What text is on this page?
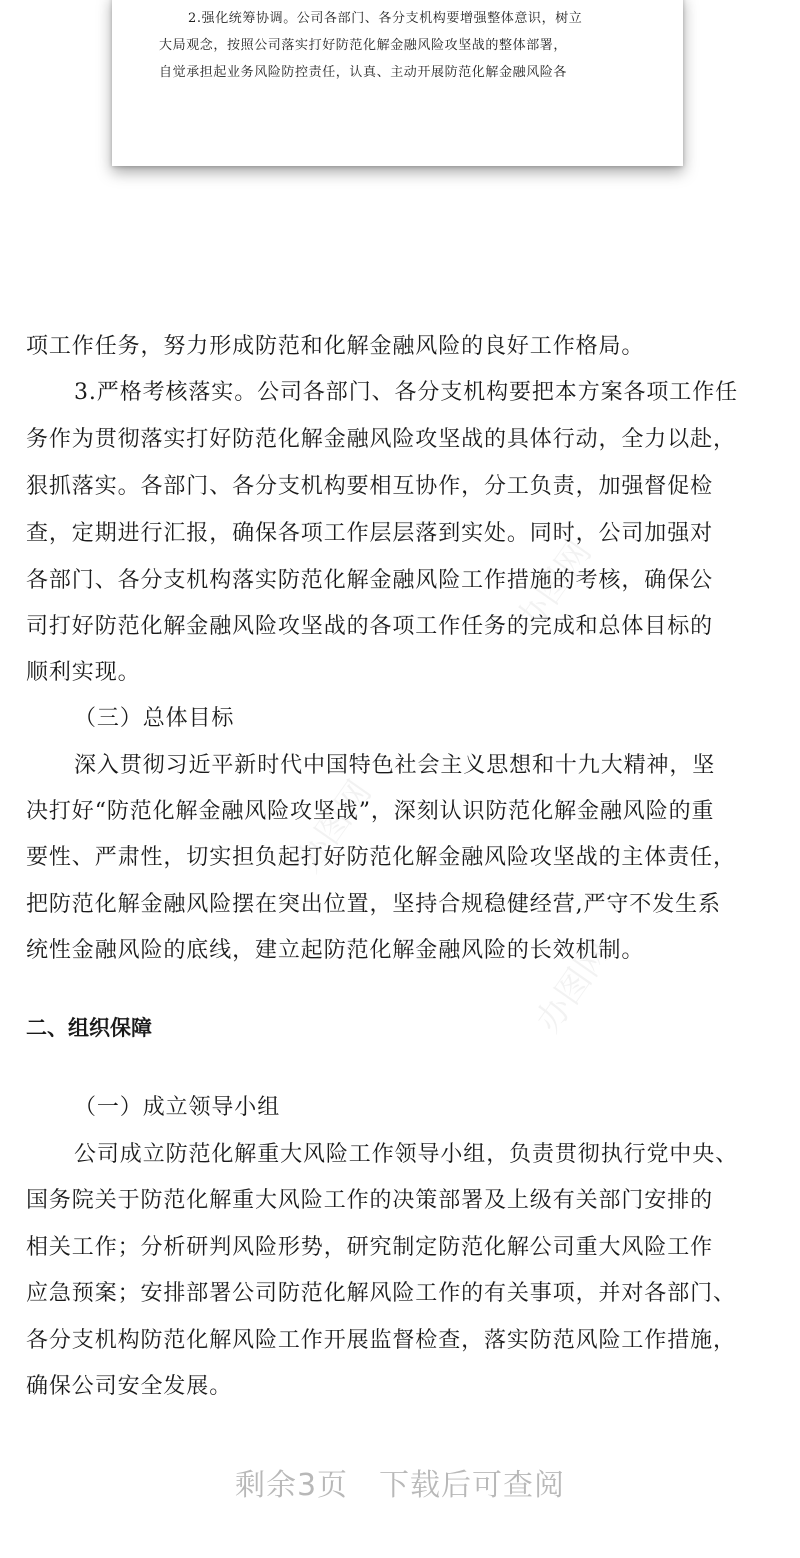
2.强化统筹协调。公司各部门、各分支机构要增强整体意识，树立
大局观念，按照公司落实打好防范化解金融风险攻坚战的整体部署，
自觉承担起业务风险防控责任，认真、主动开展防范化解金融风险各
办图网
办图网
办图网
项工作任务，努力形成防范和化解金融风险的良好工作格局。
3.严格考核落实。公司各部门、各分支机构要把本方案各项工作任
务作为贯彻落实打好防范化解金融风险攻坚战的具体行动，全力以赴，
狠抓落实。各部门、各分支机构要相互协作，分工负责，加强督促检
查，定期进行汇报，确保各项工作层层落到实处。同时，公司加强对
各部门、各分支机构落实防范化解金融风险工作措施的考核，确保公
司打好防范化解金融风险攻坚战的各项工作任务的完成和总体目标的
顺利实现。
（三）总体目标
深入贯彻习近平新时代中国特色社会主义思想和十九大精神，坚
决打好“防范化解金融风险攻坚战”，深刻认识防范化解金融风险的重
要性、严肃性，切实担负起打好防范化解金融风险攻坚战的主体责任，
把防范化解金融风险摆在突出位置，坚持合规稳健经营,严守不发生系
统性金融风险的底线，建立起防范化解金融风险的长效机制。
二、组织保障
（一）成立领导小组
公司成立防范化解重大风险工作领导小组，负责贯彻执行党中央、
国务院关于防范化解重大风险工作的决策部署及上级有关部门安排的
相关工作；分析研判风险形势，研究制定防范化解公司重大风险工作
应急预案；安排部署公司防范化解风险工作的有关事项，并对各部门、
各分支机构防范化解风险工作开展监督检查，落实防范风险工作措施，
确保公司安全发展。
剩余3页　下载后可查阅
